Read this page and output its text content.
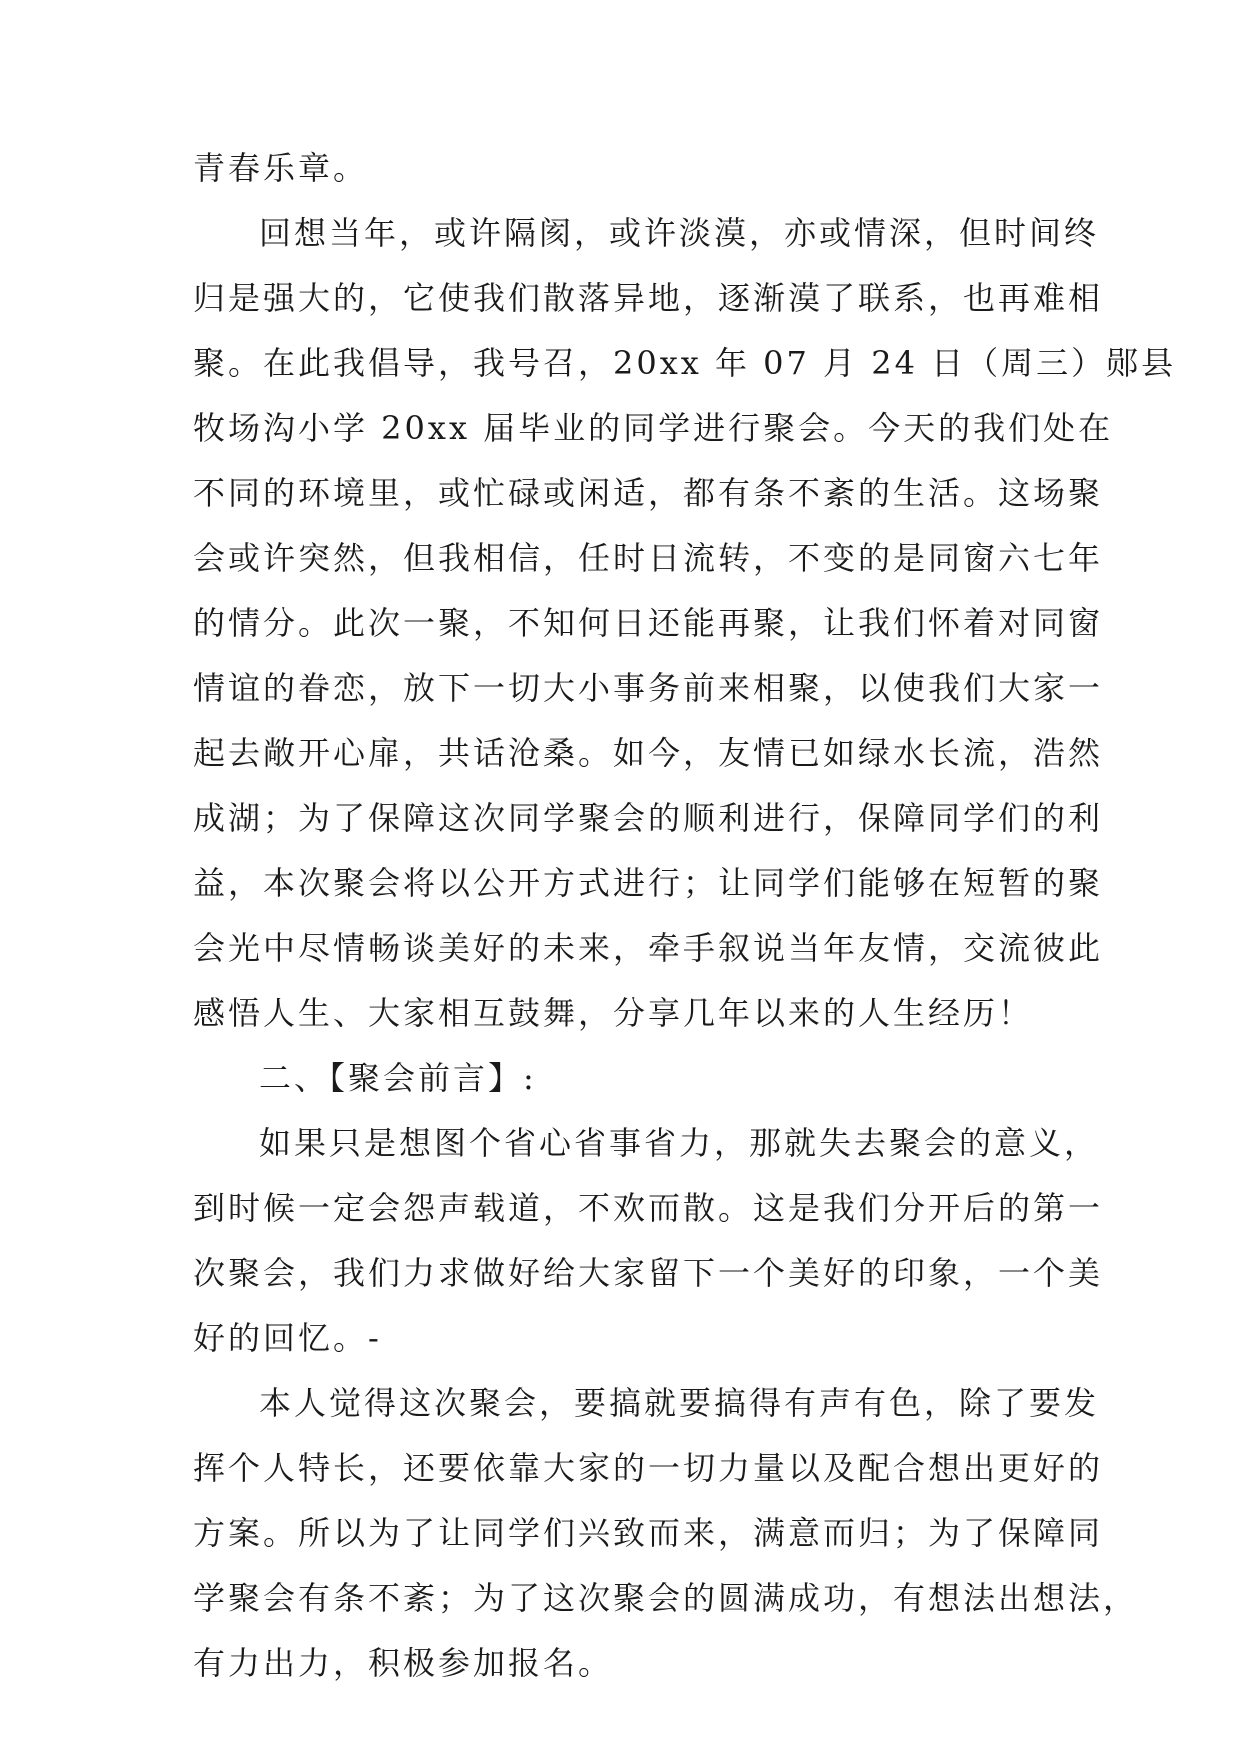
青春乐章。
回想当年，或许隔阂，或许淡漠，亦或情深，但时间终
归是强大的，它使我们散落异地，逐渐漠了联系，也再难相
聚。在此我倡导，我号召，20xx 年 07 月 24 日（周三）郧县
牧场沟小学 20xx 届毕业的同学进行聚会。今天的我们处在
不同的环境里，或忙碌或闲适，都有条不紊的生活。这场聚
会或许突然，但我相信，任时日流转，不变的是同窗六七年
的情分。此次一聚，不知何日还能再聚，让我们怀着对同窗
情谊的眷恋，放下一切大小事务前来相聚，以使我们大家一
起去敞开心扉，共话沧桑。如今，友情已如绿水长流，浩然
成湖；为了保障这次同学聚会的顺利进行，保障同学们的利
益，本次聚会将以公开方式进行；让同学们能够在短暂的聚
会光中尽情畅谈美好的未来，牵手叙说当年友情，交流彼此
感悟人生、大家相互鼓舞，分享几年以来的人生经历！
二、【聚会前言】:
如果只是想图个省心省事省力，那就失去聚会的意义，
到时候一定会怨声载道，不欢而散。这是我们分开后的第一
次聚会，我们力求做好给大家留下一个美好的印象，一个美
好的回忆。-
本人觉得这次聚会，要搞就要搞得有声有色，除了要发
挥个人特长，还要依靠大家的一切力量以及配合想出更好的
方案。所以为了让同学们兴致而来，满意而归；为了保障同
学聚会有条不紊；为了这次聚会的圆满成功，有想法出想法，
有力出力，积极参加报名。
